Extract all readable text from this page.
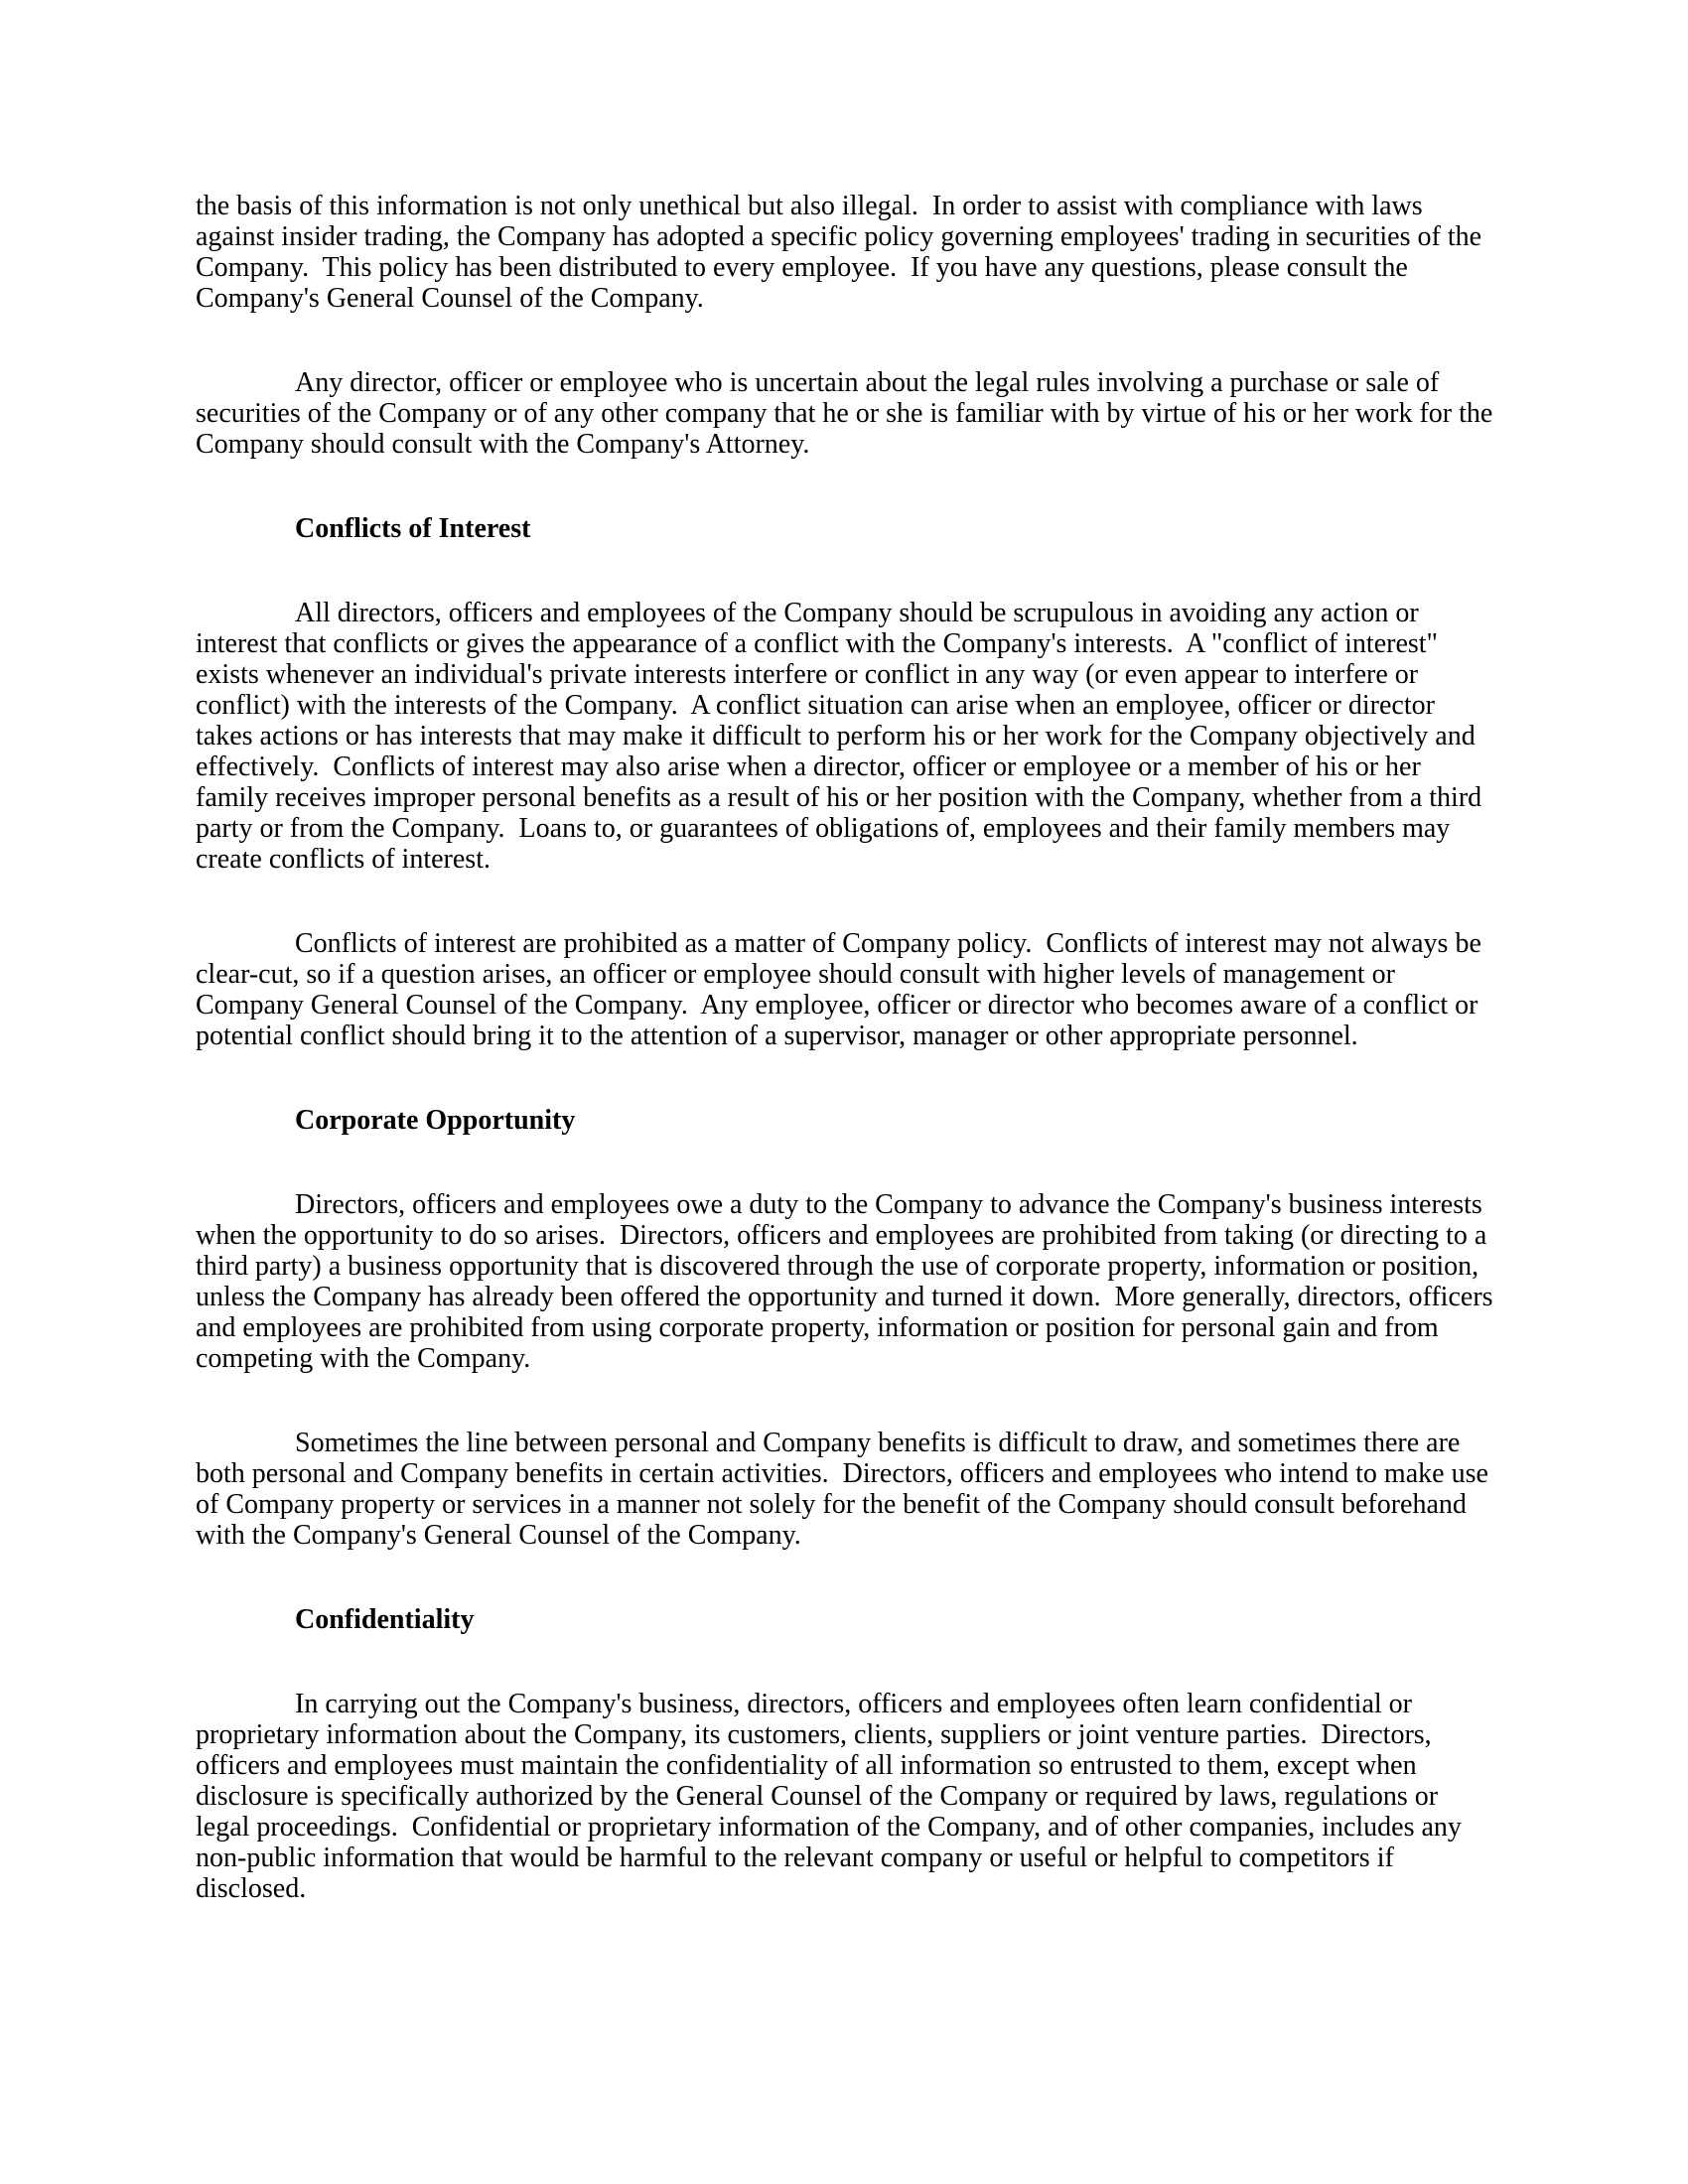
the basis of this information is not only unethical but also illegal.  In order to assist with compliance with laws against insider trading, the Company has adopted a specific policy governing employees' trading in securities of the Company.  This policy has been distributed to every employee.  If you have any questions, please consult the Company's General Counsel of the Company.

Any director, officer or employee who is uncertain about the legal rules involving a purchase or sale of securities of the Company or of any other company that he or she is familiar with by virtue of his or her work for the Company should consult with the Company's Attorney.

Conflicts of Interest

All directors, officers and employees of the Company should be scrupulous in avoiding any action or interest that conflicts or gives the appearance of a conflict with the Company's interests.  A "conflict of interest" exists whenever an individual's private interests interfere or conflict in any way (or even appear to interfere or conflict) with the interests of the Company.  A conflict situation can arise when an employee, officer or director takes actions or has interests that may make it difficult to perform his or her work for the Company objectively and effectively.  Conflicts of interest may also arise when a director, officer or employee or a member of his or her family receives improper personal benefits as a result of his or her position with the Company, whether from a third party or from the Company.  Loans to, or guarantees of obligations of, employees and their family members may create conflicts of interest.

Conflicts of interest are prohibited as a matter of Company policy.  Conflicts of interest may not always be clear-cut, so if a question arises, an officer or employee should consult with higher levels of management or Company General Counsel of the Company.  Any employee, officer or director who becomes aware of a conflict or potential conflict should bring it to the attention of a supervisor, manager or other appropriate personnel.

Corporate Opportunity

Directors, officers and employees owe a duty to the Company to advance the Company's business interests when the opportunity to do so arises.  Directors, officers and employees are prohibited from taking (or directing to a third party) a business opportunity that is discovered through the use of corporate property, information or position, unless the Company has already been offered the opportunity and turned it down.  More generally, directors, officers and employees are prohibited from using corporate property, information or position for personal gain and from competing with the Company.

Sometimes the line between personal and Company benefits is difficult to draw, and sometimes there are both personal and Company benefits in certain activities.  Directors, officers and employees who intend to make use of Company property or services in a manner not solely for the benefit of the Company should consult beforehand with the Company's General Counsel of the Company.

Confidentiality

In carrying out the Company's business, directors, officers and employees often learn confidential or proprietary information about the Company, its customers, clients, suppliers or joint venture parties.  Directors, officers and employees must maintain the confidentiality of all information so entrusted to them, except when disclosure is specifically authorized by the General Counsel of the Company or required by laws, regulations or legal proceedings.  Confidential or proprietary information of the Company, and of other companies, includes any non-public information that would be harmful to the relevant company or useful or helpful to competitors if disclosed.
